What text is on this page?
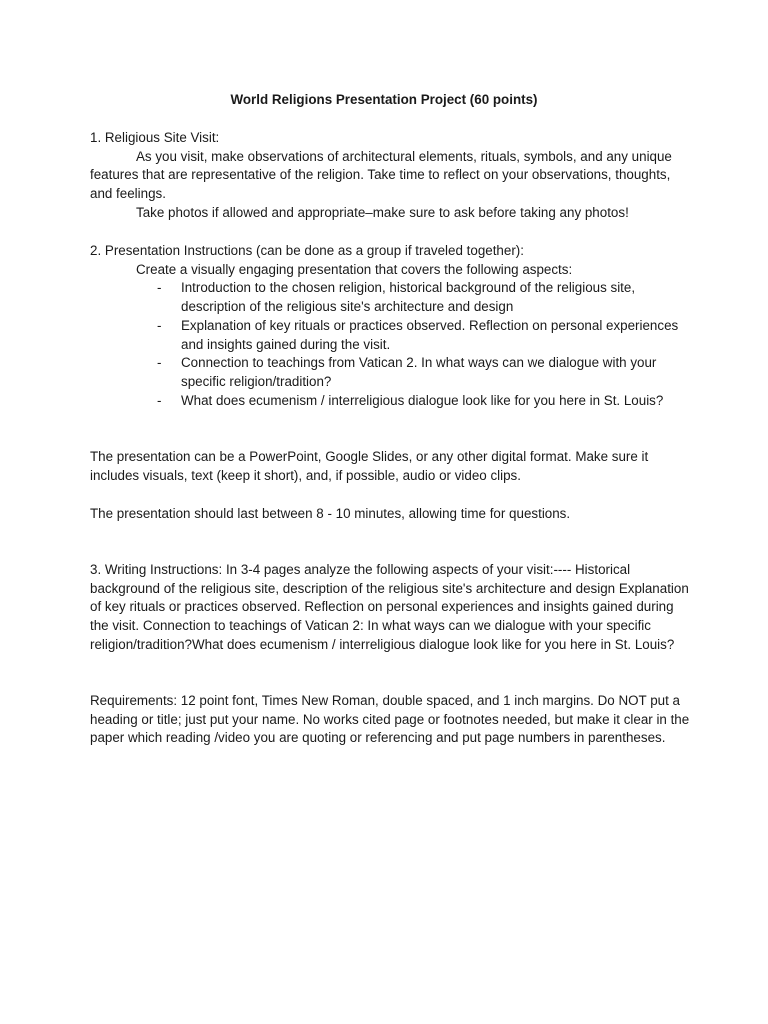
World Religions Presentation Project (60 points)

1. Religious Site Visit:

As you visit, make observations of architectural elements, rituals, symbols, and any unique features that are representative of the religion. Take time to reflect on your observations, thoughts, and feelings.

Take photos if allowed and appropriate–make sure to ask before taking any photos!

2. Presentation Instructions (can be done as a group if traveled together):

Create a visually engaging presentation that covers the following aspects:

- Introduction to the chosen religion, historical background of the religious site, description of the religious site's architecture and design
- Explanation of key rituals or practices observed. Reflection on personal experiences and insights gained during the visit.
- Connection to teachings from Vatican 2. In what ways can we dialogue with your specific religion/tradition?
- What does ecumenism / interreligious dialogue look like for you here in St. Louis?
The presentation can be a PowerPoint, Google Slides, or any other digital format. Make sure it includes visuals, text (keep it short), and, if possible, audio or video clips.
The presentation should last between 8 - 10 minutes, allowing time for questions.
3. Writing Instructions: In 3-4 pages analyze the following aspects of your visit:---- Historical background of the religious site, description of the religious site's architecture and design Explanation of key rituals or practices observed. Reflection on personal experiences and insights gained during the visit. Connection to teachings of Vatican 2: In what ways can we dialogue with your specific religion/tradition?What does ecumenism / interreligious dialogue look like for you here in St. Louis?
Requirements: 12 point font, Times New Roman, double spaced, and 1 inch margins. Do NOT put a heading or title; just put your name. No works cited page or footnotes needed, but make it clear in the paper which reading /video you are quoting or referencing and put page numbers in parentheses.
